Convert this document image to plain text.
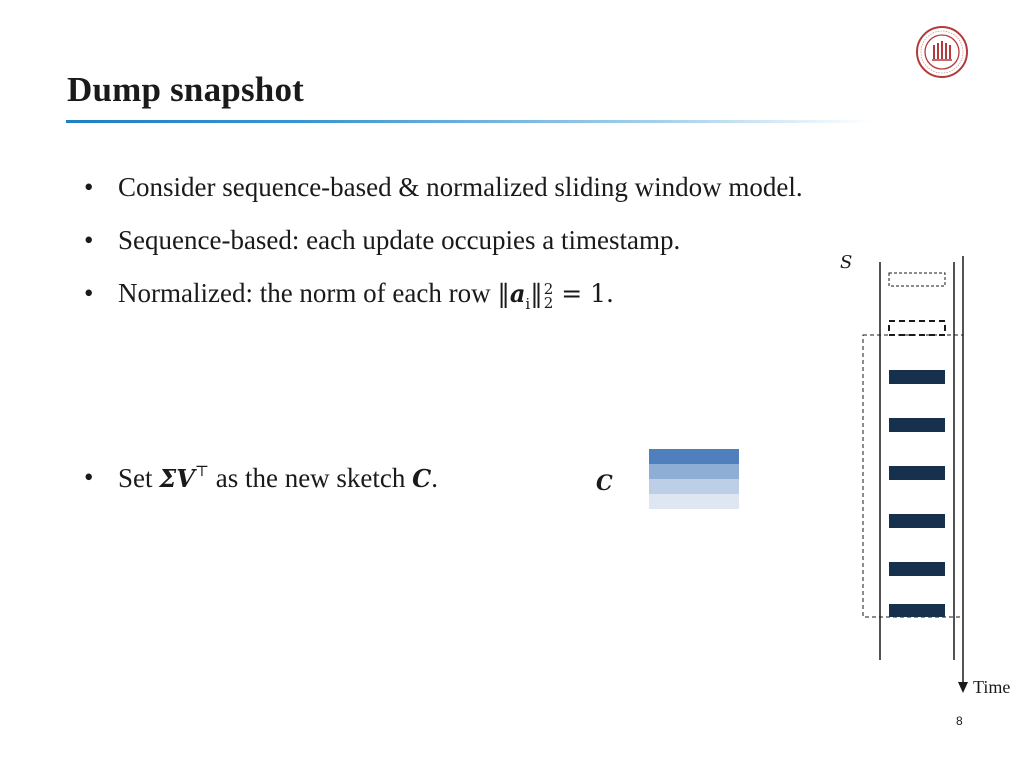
Dump snapshot
• Consider sequence-based & normalized sliding window model.
• Sequence-based: each update occupies a timestamp.
• Normalized: the norm of each row $‖a_i‖$ 2
2 = 1.
• Set ΣV⊤ as the new sketch C.	C
S
Time
8
